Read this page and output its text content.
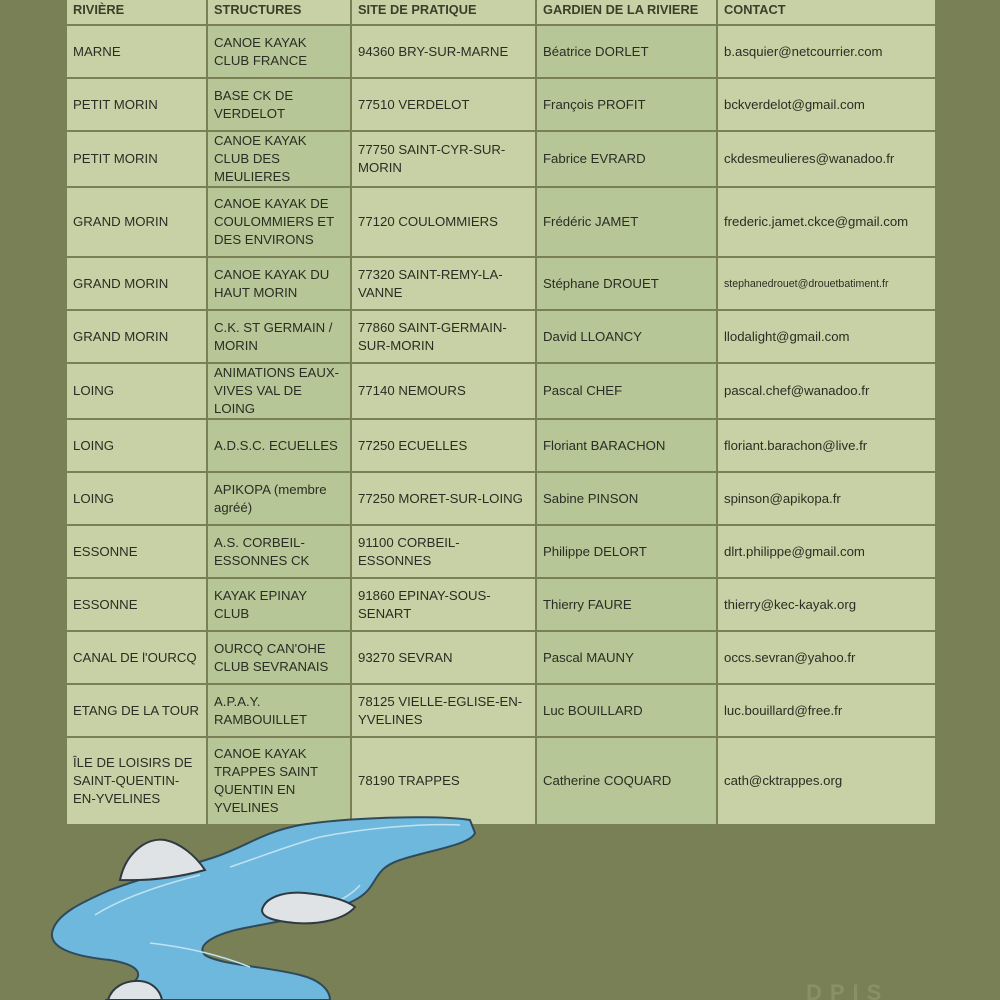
RIVIÈRE	STRUCTURES	SITE DE PRATIQUE	GARDIEN DE LA RIVIERE	CONTACT
MARNE	CANOE KAYAK CLUB FRANCE	94360 BRY-SUR-MARNE	Béatrice DORLET	b.asquier@netcourrier.com
PETIT MORIN	BASE CK DE VERDELOT	77510 VERDELOT	François PROFIT	bckverdelot@gmail.com
PETIT MORIN	CANOE KAYAK CLUB DES MEULIERES	77750 SAINT-CYR-SUR-MORIN	Fabrice EVRARD	ckdesmeulieres@wanadoo.fr
GRAND MORIN	CANOE KAYAK DE COULOMMIERS ET DES ENVIRONS	77120 COULOMMIERS	Frédéric JAMET	frederic.jamet.ckce@gmail.com
GRAND MORIN	CANOE KAYAK DU HAUT MORIN	77320 SAINT-REMY-LA-VANNE	Stéphane DROUET	stephanedrouet@drouetbatiment.fr
GRAND MORIN	C.K. ST GERMAIN / MORIN	77860 SAINT-GERMAIN-SUR-MORIN	David LLOANCY	llodalight@gmail.com
LOING	ANIMATIONS EAUX-VIVES VAL DE LOING	77140 NEMOURS	Pascal CHEF	pascal.chef@wanadoo.fr
LOING	A.D.S.C. ECUELLES	77250 ECUELLES	Floriant BARACHON	floriant.barachon@live.fr
LOING	APIKOPA (membre agréé)	77250 MORET-SUR-LOING	Sabine PINSON	spinson@apikopa.fr
ESSONNE	A.S. CORBEIL-ESSONNES CK	91100 CORBEIL-ESSONNES	Philippe DELORT	dlrt.philippe@gmail.com
ESSONNE	KAYAK EPINAY CLUB	91860 EPINAY-SOUS-SENART	Thierry FAURE	thierry@kec-kayak.org
CANAL DE l'OURCQ	OURCQ CAN'OHE CLUB SEVRANAIS	93270 SEVRAN	Pascal MAUNY	occs.sevran@yahoo.fr
ETANG DE LA TOUR	A.P.A.Y. RAMBOUILLET	78125 VIELLE-EGLISE-EN-YVELINES	Luc BOUILLARD	luc.bouillard@free.fr
ÎLE DE LOISIRS DE SAINT-QUENTIN-EN-YVELINES	CANOE KAYAK TRAPPES SAINT QUENTIN EN YVELINES	78190 TRAPPES	Catherine COQUARD	cath@cktrappes.org
DPIS
